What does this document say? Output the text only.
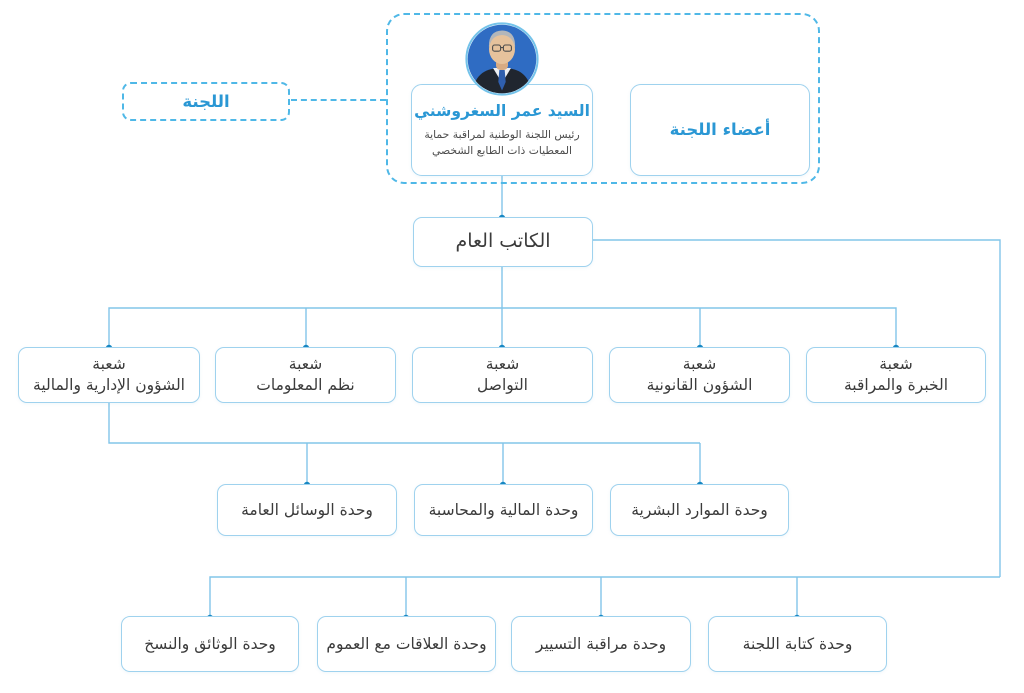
اللجنة	السيد عمر السغروشني
رئيس اللجنة الوطنية لمراقبة حماية
المعطيات ذات الطابع الشخصي
أعضاء اللجنة
الكاتب العام
شعبة
الشؤون الإدارية والمالية
شعبة
نظم المعلومات
شعبة
التواصل
شعبة
الشؤون القانونية
شعبة
الخبرة والمراقبة
وحدة الوسائل العامة	وحدة المالية والمحاسبة	وحدة الموارد البشرية
وحدة الوثائق والنسخ	وحدة العلاقات مع العموم	وحدة مراقبة التسيير	وحدة كتابة اللجنة
